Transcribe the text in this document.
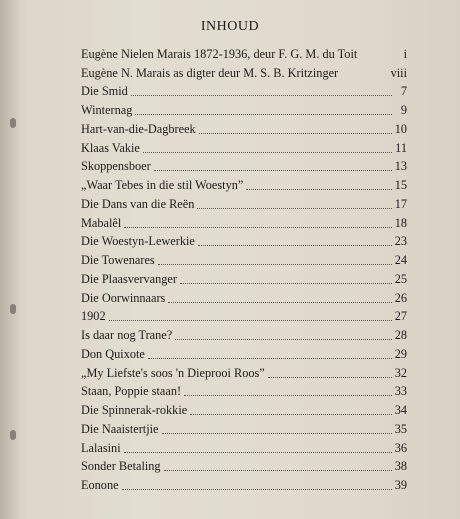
INHOUD
Eugène Nielen Marais 1872-1936, deur F. G. M. du Toit	i
Eugène N. Marais as digter deur M. S. B. Kritzinger	viii
Die Smid	7
Winternag	9
Hart-van-die-Dagbreek	10
Klaas Vakie	11
Skoppensboer	13
„Waar Tebes in die stil Woestyn”	15
Die Dans van die Reën	17
Mabalêl	18
Die Woestyn-Lewerkie	23
Die Towenares	24
Die Plaasvervanger	25
Die Oorwinnaars	26
1902	27
Is daar nog Trane?	28
Don Quixote	29
„My Liefste's soos 'n Dieprooi Roos”	32
Staan, Poppie staan!	33
Die Spinnerak-rokkie	34
Die Naaistertjie	35
Lalasini	36
Sonder Betaling	38
Eonone	39
